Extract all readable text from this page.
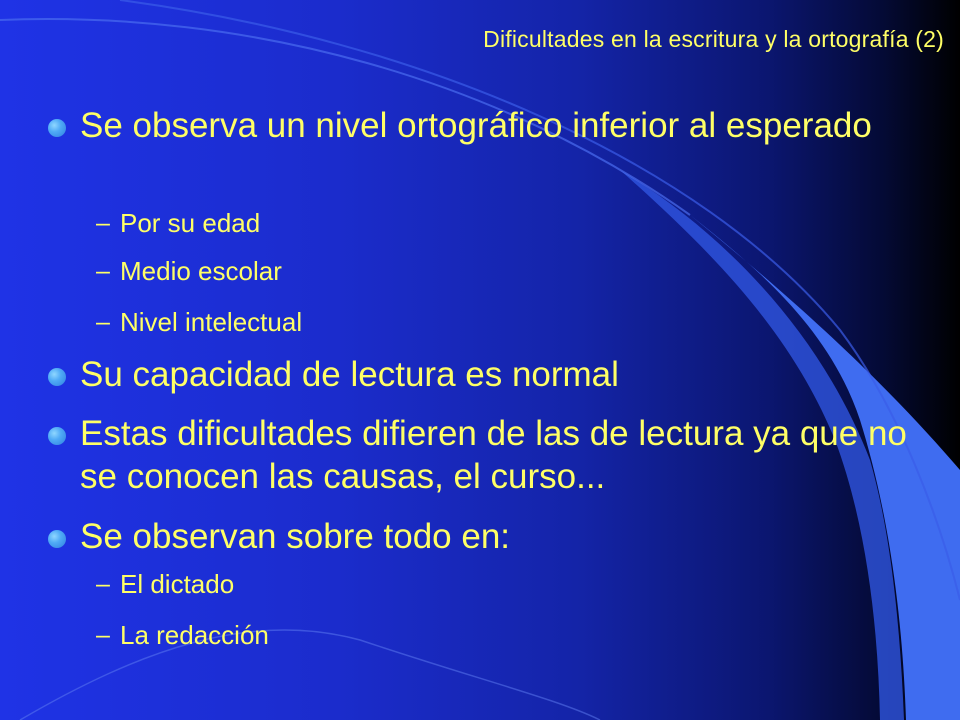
Dificultades en la escritura y la ortografía (2)
Se observa un nivel ortográfico inferior al esperado
– Por su edad
– Medio escolar
– Nivel intelectual
Su capacidad de lectura es normal
Estas dificultades difieren de las de lectura ya que no se conocen las causas, el curso...
Se observan sobre todo en:
– El dictado
– La redacción
